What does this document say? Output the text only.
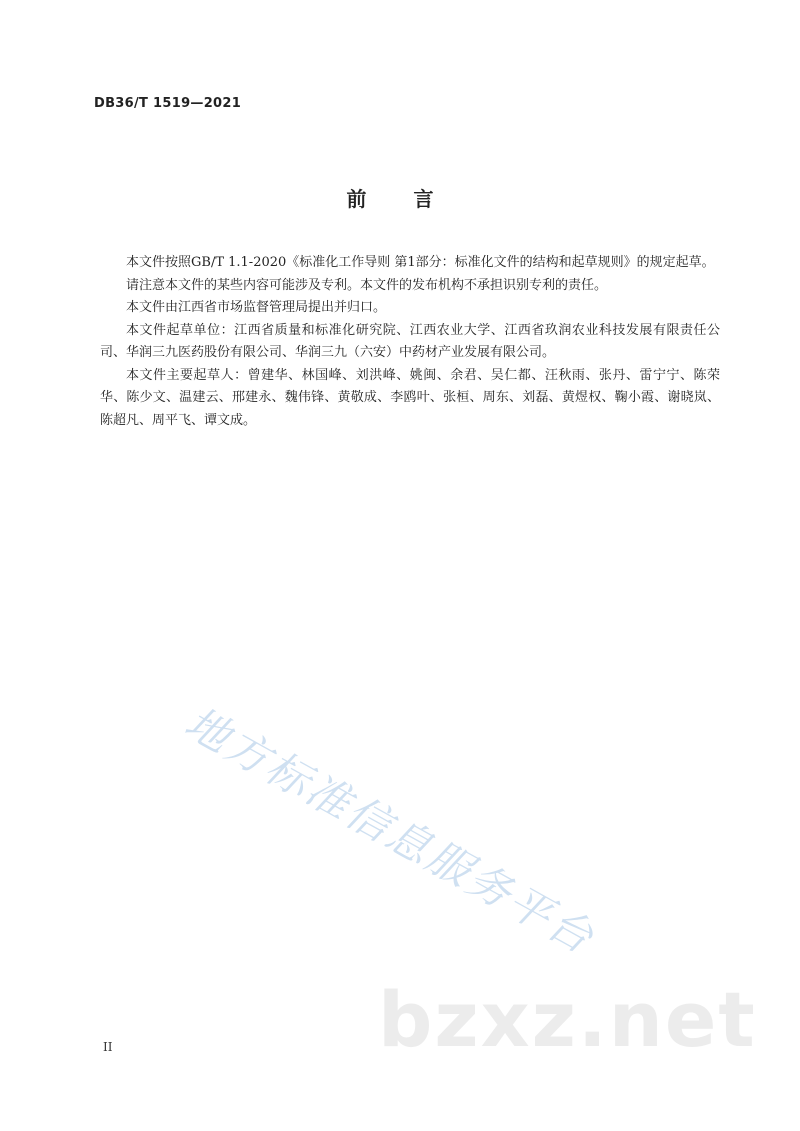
DB36/T 1519—2021
前 言

本文件按照GB/T 1.1-2020《标准化工作导则 第1部分：标准化文件的结构和起草规则》的规定起草。

请注意本文件的某些内容可能涉及专利。本文件的发布机构不承担识别专利的责任。

本文件由江西省市场监督管理局提出并归口。

本文件起草单位：江西省质量和标准化研究院、江西农业大学、江西省玖润农业科技发展有限责任公司、华润三九医药股份有限公司、华润三九（六安）中药材产业发展有限公司。

本文件主要起草人：曾建华、林国峰、刘洪峰、姚闽、余君、吴仁都、汪秋雨、张丹、雷宁宁、陈荣华、陈少文、温建云、邢建永、魏伟锋、黄敬成、李鸥叶、张桓、周东、刘磊、黄煜权、鞠小霞、谢晓岚、陈超凡、周平飞、谭文成。

地方标准信息服务平台
bzxz.net
II
